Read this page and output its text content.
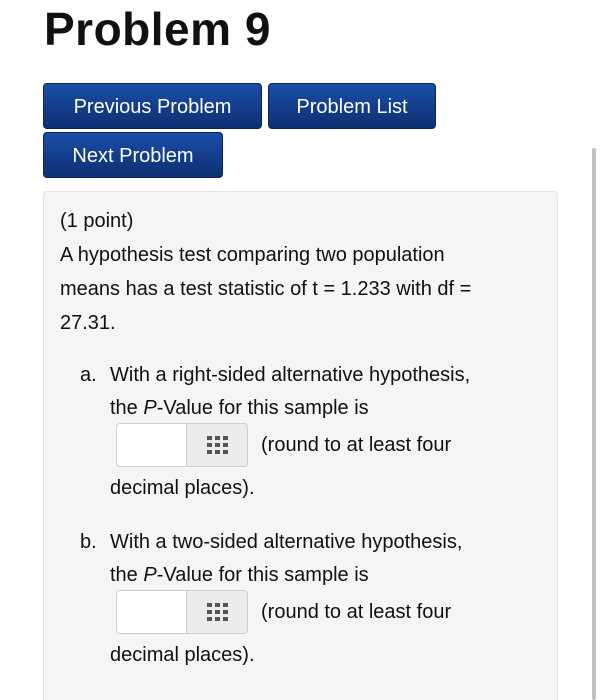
Problem 9
Previous Problem	Problem List
Next Problem
(1 point)
A hypothesis test comparing two population
means has a test statistic of t = 1.233 with df =
27.31.
a. With a right-sided alternative hypothesis,
the P-Value for this sample is
(round to at least four
decimal places).
b. With a two-sided alternative hypothesis,
the P-Value for this sample is
(round to at least four
decimal places).
